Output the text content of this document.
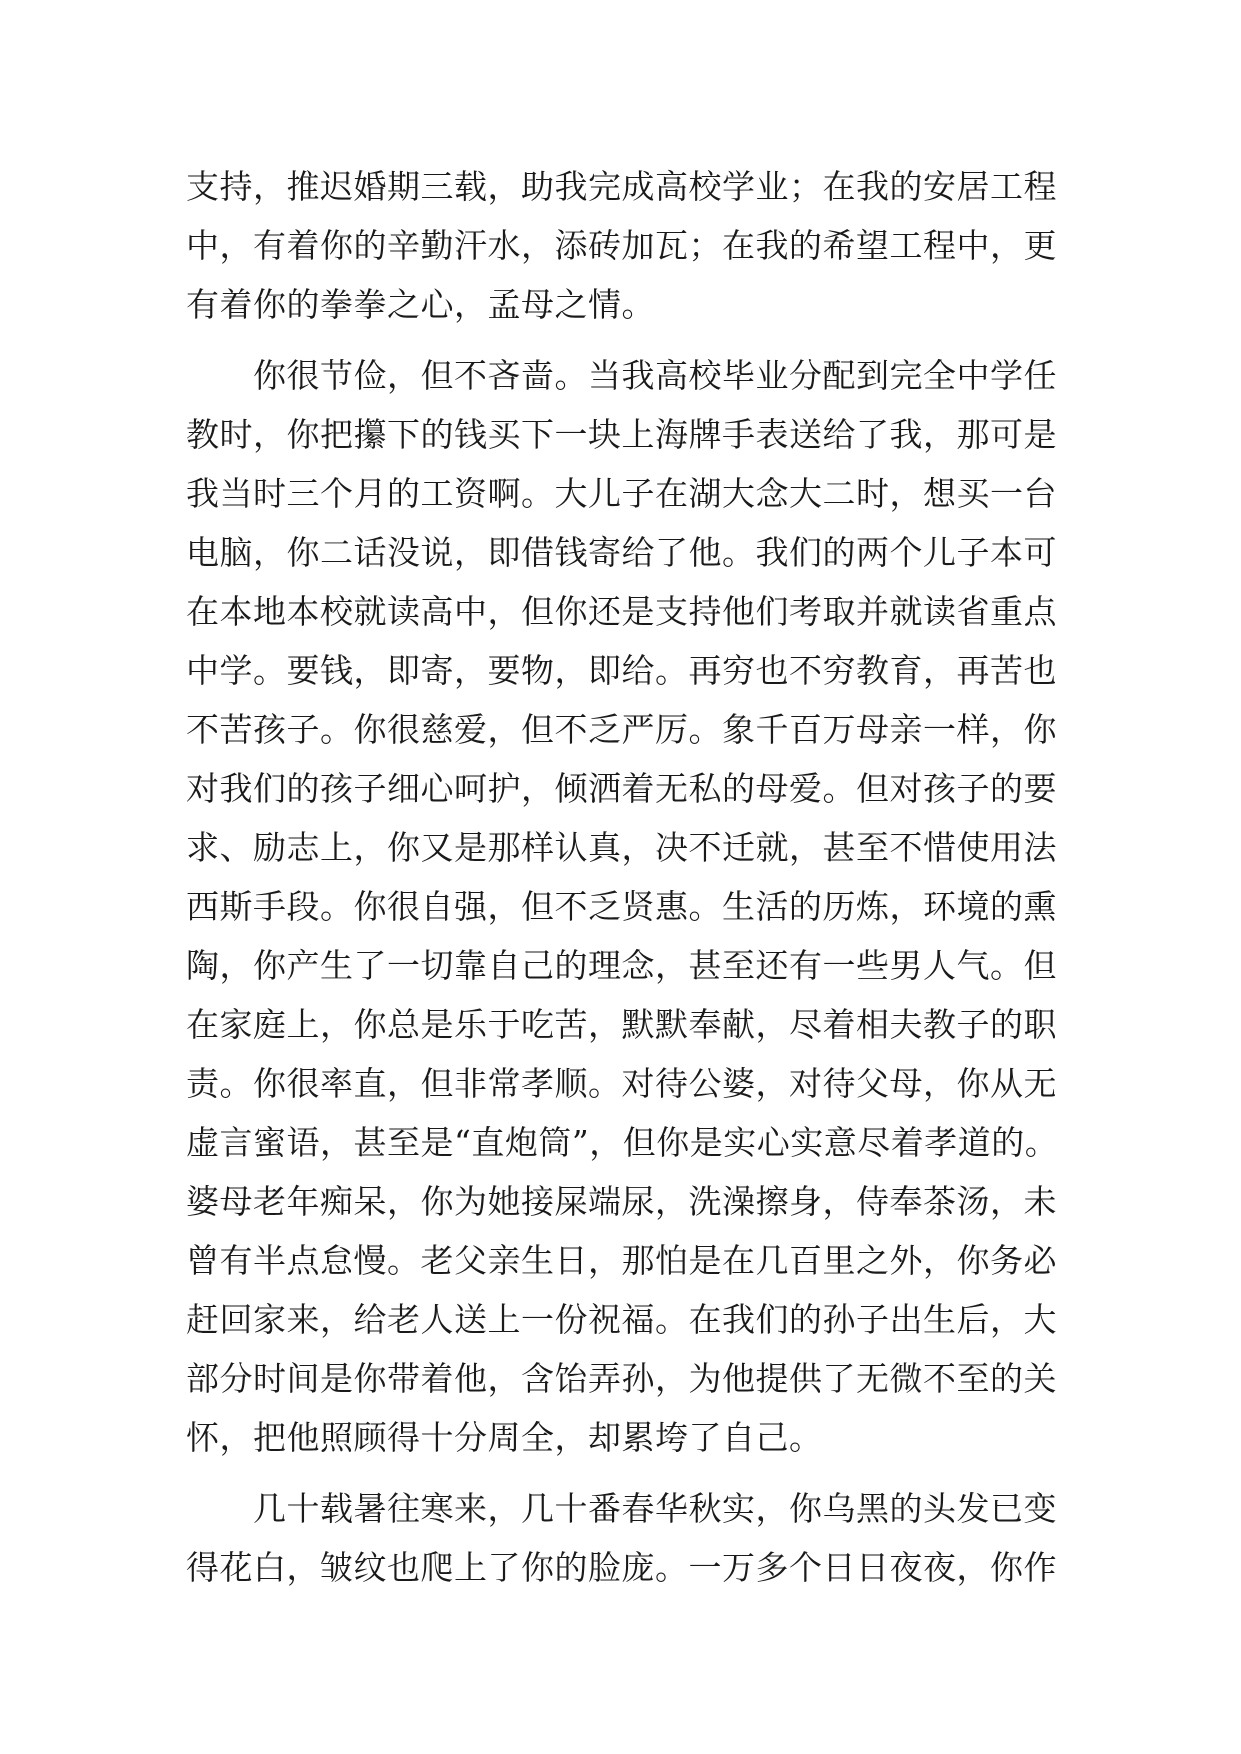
支持，推迟婚期三载，助我完成高校学业；在我的安居工程
中，有着你的辛勤汗水，添砖加瓦；在我的希望工程中，更
有着你的拳拳之心，孟母之情。
　　你很节俭，但不吝啬。当我高校毕业分配到完全中学任
教时，你把攥下的钱买下一块上海牌手表送给了我，那可是
我当时三个月的工资啊。大儿子在湖大念大二时，想买一台
电脑，你二话没说，即借钱寄给了他。我们的两个儿子本可
在本地本校就读高中，但你还是支持他们考取并就读省重点
中学。要钱，即寄，要物，即给。再穷也不穷教育，再苦也
不苦孩子。你很慈爱，但不乏严厉。象千百万母亲一样，你
对我们的孩子细心呵护，倾洒着无私的母爱。但对孩子的要
求、励志上，你又是那样认真，决不迁就，甚至不惜使用法
西斯手段。你很自强，但不乏贤惠。生活的历炼，环境的熏
陶，你产生了一切靠自己的理念，甚至还有一些男人气。但
在家庭上，你总是乐于吃苦，默默奉献，尽着相夫教子的职
责。你很率直，但非常孝顺。对待公婆，对待父母，你从无
虚言蜜语，甚至是“直炮筒”，但你是实心实意尽着孝道的。
婆母老年痴呆，你为她接屎端尿，洗澡擦身，侍奉茶汤，未
曾有半点怠慢。老父亲生日，那怕是在几百里之外，你务必
赶回家来，给老人送上一份祝福。在我们的孙子出生后，大
部分时间是你带着他，含饴弄孙，为他提供了无微不至的关
怀，把他照顾得十分周全，却累垮了自己。
　　几十载暑往寒来，几十番春华秋实，你乌黑的头发已变
得花白，皱纹也爬上了你的脸庞。一万多个日日夜夜，你作
